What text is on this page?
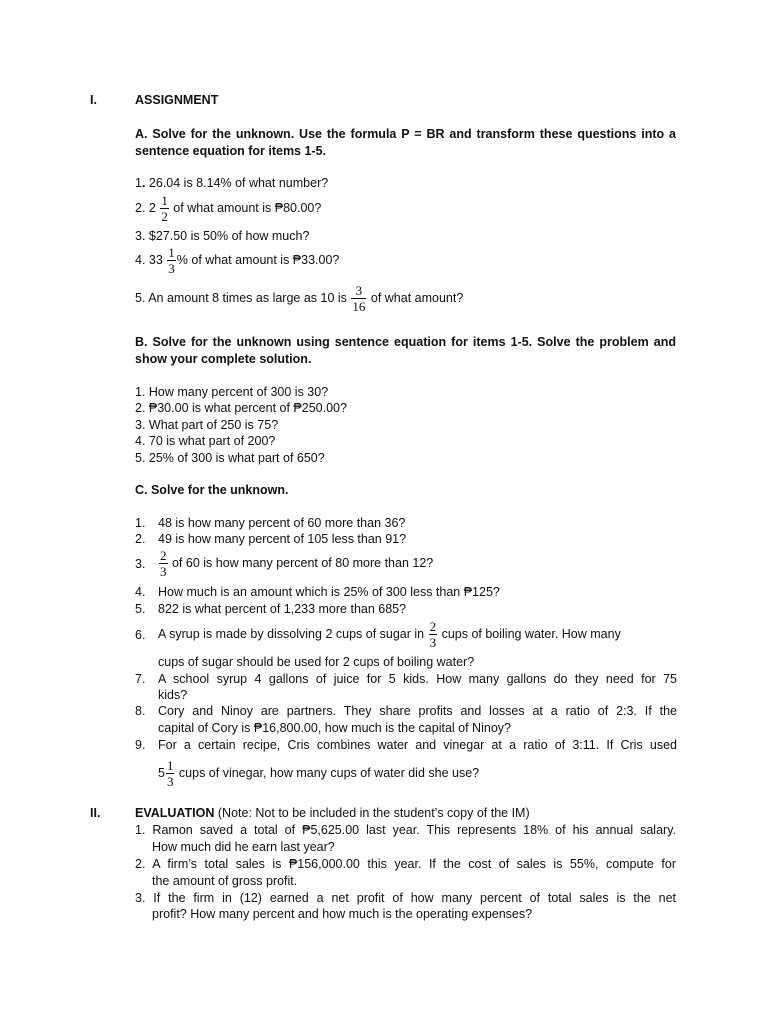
I.	ASSIGNMENT
A. Solve for the unknown. Use the formula P = BR and transform these questions into a sentence equation for items 1-5.
1. 26.04 is 8.14% of what number?
2. $2 \frac{1}{2}$ of what amount is ₱80.00?
3. $27.50 is 50% of how much?
4. $33 \frac{1}{3}$ % of what amount is ₱33.00?
5. An amount 8 times as large as 10 is $\frac{3}{16}$ of what amount?
B. Solve for the unknown using sentence equation for items 1-5. Solve the problem and show your complete solution.
1. How many percent of 300 is 30?
2. ₱30.00 is what percent of ₱250.00?
3. What part of 250 is 75?
4. 70 is what part of 200?
5. 25% of 300 is what part of 650?
C. Solve for the unknown.
1. 48 is how many percent of 60 more than 36?
2. 49 is how many percent of 105 less than 91?
3. $\frac{2}{3}$ of 60 is how many percent of 80 more than 12?
4. How much is an amount which is 25% of 300 less than ₱125?
5. 822 is what percent of 1,233 more than 685?
6. A syrup is made by dissolving 2 cups of sugar in $\frac{2}{3}$ cups of boiling water. How many
cups of sugar should be used for 2 cups of boiling water?
7. A school syrup 4 gallons of juice for 5 kids. How many gallons do they need for 75
kids?
8. Cory and Ninoy are partners. They share profits and losses at a ratio of 2:3. If the
capital of Cory is ₱16,800.00, how much is the capital of Ninoy?
9. For a certain recipe, Cris combines water and vinegar at a ratio of 3:11. If Cris used
$5 \frac{1}{3}$ cups of vinegar, how many cups of water did she use?
II.	EVALUATION (Note: Not to be included in the student’s copy of the IM)
1. Ramon saved a total of ₱5,625.00 last year. This represents 18% of his annual salary.
How much did he earn last year?
2. A firm’s total sales is ₱156,000.00 this year. If the cost of sales is 55%, compute for
the amount of gross profit.
3. If the firm in (12) earned a net profit of how many percent of total sales is the net
profit? How many percent and how much is the operating expenses?
